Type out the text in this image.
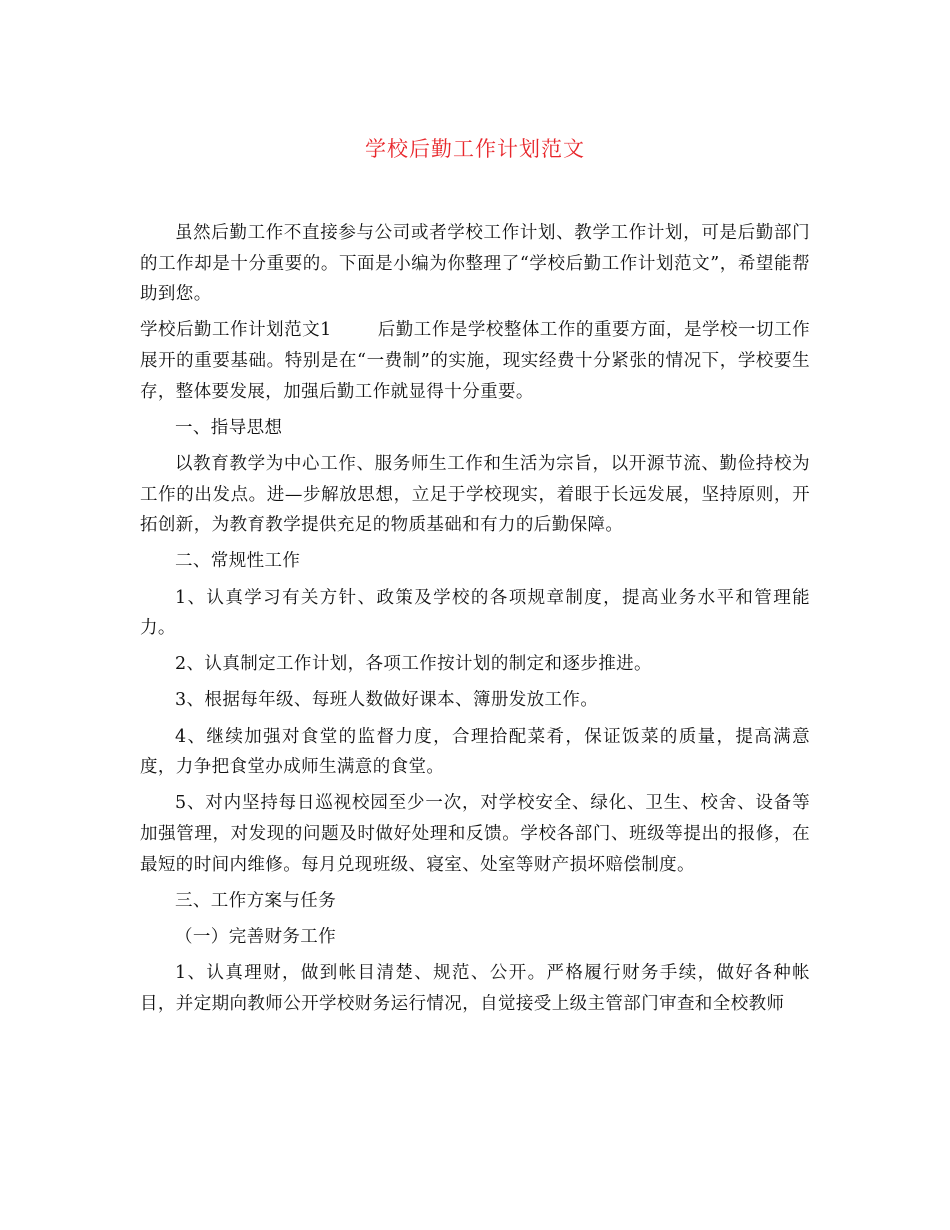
学校后勤工作计划范文

虽然后勤工作不直接参与公司或者学校工作计划、教学工作计划，可是后勤部门的工作却是十分重要的。下面是小编为你整理了“学校后勤工作计划范文”，希望能帮助到您。

学校后勤工作计划范文1	后勤工作是学校整体工作的重要方面，是学校一切工作展开的重要基础。特别是在“一费制”的实施，现实经费十分紧张的情况下，学校要生存，整体要发展，加强后勤工作就显得十分重要。

一、指导思想

以教育教学为中心工作、服务师生工作和生活为宗旨，以开源节流、勤俭持校为工作的出发点。进—步解放思想，立足于学校现实，着眼于长远发展，坚持原则，开拓创新，为教育教学提供充足的物质基础和有力的后勤保障。

二、常规性工作

1、认真学习有关方针、政策及学校的各项规章制度，提高业务水平和管理能力。

2、认真制定工作计划，各项工作按计划的制定和逐步推进。

3、根据每年级、每班人数做好课本、簿册发放工作。

4、继续加强对食堂的监督力度，合理拾配菜肴，保证饭菜的质量，提高满意度，力争把食堂办成师生满意的食堂。

5、对内坚持每日巡视校园至少一次，对学校安全、绿化、卫生、校舍、设备等加强管理，对发现的问题及时做好处理和反馈。学校各部门、班级等提出的报修，在最短的时间内维修。每月兑现班级、寝室、处室等财产损坏赔偿制度。

三、工作方案与任务

（一）完善财务工作

1、认真理财，做到帐目清楚、规范、公开。严格履行财务手续，做好各种帐目，并定期向教师公开学校财务运行情况，自觉接受上级主管部门审查和全校教师
